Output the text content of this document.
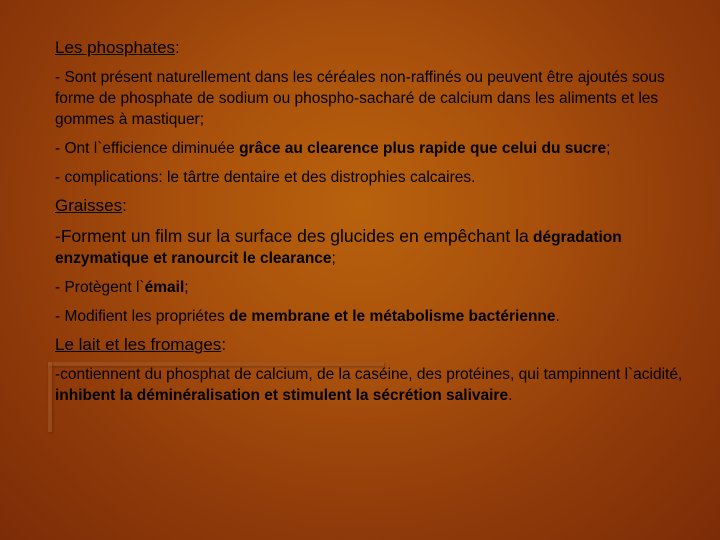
Les phosphates:

- Sont présent naturellement dans les céréales non-raffinés ou peuvent être ajoutés sous forme de phosphate de sodium ou phospho-sacharé de calcium dans les aliments et les gommes à mastiquer;

- Ont l`efficience diminuée grâce au clearence plus rapide que celui du sucre;

- complications: le târtre dentaire et des distrophies calcaires.

Graisses:

-Forment un film sur la surface des glucides en empêchant la dégradation enzymatique et ranourcit le clearance;

- Protègent l`émail;

- Modifient les propriétes de membrane et le métabolisme bactérienne.

Le lait et les fromages:

-contiennent du phosphat de calcium, de la caséine, des protéines, qui tampinnent l`acidité, inhibent la déminéralisation et stimulent la sécrétion salivaire.
